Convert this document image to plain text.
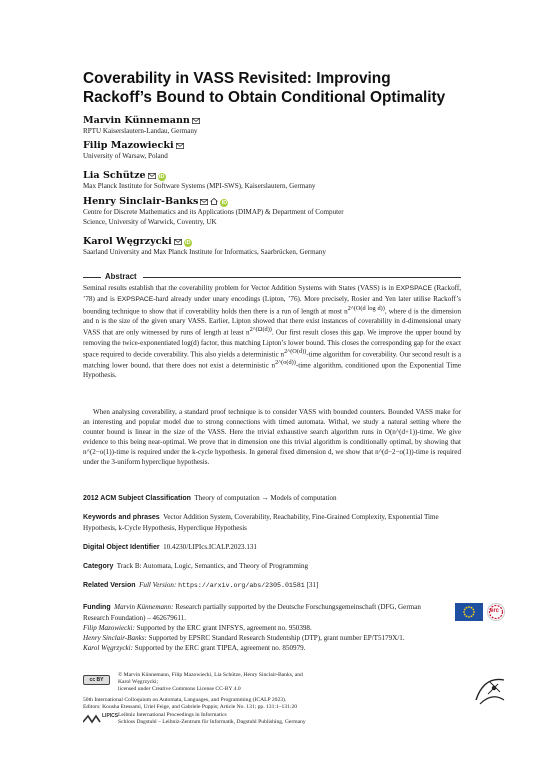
Coverability in VASS Revisited: Improving
Rackoff’s Bound to Obtain Conditional Optimality
Marvin Künnemann
RPTU Kaiserslautern-Landau, Germany
Filip Mazowiecki
University of Warsaw, Poland
Lia Schütze iD
Max Planck Institute for Software Systems (MPI-SWS), Kaiserslautern, Germany
Henry Sinclair-Banks	iD
Centre for Discrete Mathematics and its Applications (DIMAP) & Department of Computer
Science, University of Warwick, Coventry, UK
Karol Węgrzycki iD
Saarland University and Max Planck Institute for Informatics, Saarbrücken, Germany
Abstract

Seminal results establish that the coverability problem for Vector Addition Systems with States (VASS) is in EXPSPACE (Rackoff, ’78) and is EXPSPACE-hard already under unary encodings (Lipton, ’76). More precisely, Rosier and Yen later utilise Rackoff’s bounding technique to show that if coverability holds then there is a run of length at most $n^{2\^{}(O(d log d))}$, where d is the dimension and n is the size of the given unary VASS. Earlier, Lipton showed that there exist instances of coverability in d-dimensional unary VASS that are only witnessed by runs of length at least $n^{2\^{}(\Omega(d))}$. Our first result closes this gap. We improve the upper bound by removing the twice-exponentiated log(d) factor, thus matching Lipton’s lower bound. This closes the corresponding gap for the exact space required to decide coverability. This also yields a deterministic $n^{2\^{}(O(d))}$-time algorithm for coverability. Our second result is a matching lower bound, that there does not exist a deterministic $n^{2\^{}(o(d))}$-time algorithm, conditioned upon the Exponential Time Hypothesis.

When analysing coverability, a standard proof technique is to consider VASS with bounded counters. Bounded VASS make for an interesting and popular model due to strong connections with timed automata. Withal, we study a natural setting where the counter bound is linear in the size of the VASS. Here the trivial exhaustive search algorithm runs in O(n^(d+1))-time. We give evidence to this being near-optimal. We prove that in dimension one this trivial algorithm is conditionally optimal, by showing that n^(2−o(1))-time is required under the k-cycle hypothesis. In general fixed dimension d, we show that n^(d−2−o(1))-time is required under the 3-uniform hyperclique hypothesis.

2012 ACM Subject Classification Theory of computation → Models of computation
Keywords and phrases Vector Addition System, Coverability, Reachability, Fine-Grained Complexity, Exponential Time Hypothesis, k-Cycle Hypothesis, Hyperclique Hypothesis
Digital Object Identifier 10.4230/LIPIcs.ICALP.2023.131
Category Track B: Automata, Logic, Semantics, and Theory of Programming
Related Version Full Version: https://arxiv.org/abs/2305.01581 [31]
Funding Marvin Künnemann: Research partially supported by the Deutsche Forschungsgemeinschaft (DFG, German Research Foundation) – 462679611.
Filip Mazowiecki: Supported by the ERC grant INFSYS, agreement no. 950398.
Henry Sinclair-Banks: Supported by EPSRC Standard Research Studentship (DTP), grant number EP/T5179X/1.
Karol Węgrzycki: Supported by the ERC grant TIPEA, agreement no. 850979.
erc
cc BY
© Marvin Künnemann, Filip Mazowiecki, Lia Schütze, Henry Sinclair-Banks, and
Karol Węgrzycki;
licensed under Creative Commons License CC-BY 4.0
50th International Colloquium on Automata, Languages, and Programming (ICALP 2023).
Editors: Kousha Etessami, Uriel Feige, and Gabriele Puppis; Article No. 131; pp. 131:1–131:20
Leibniz International Proceedings in Informatics
Schloss Dagstuhl – Leibniz-Zentrum für Informatik, Dagstuhl Publishing, Germany
LIPICS
